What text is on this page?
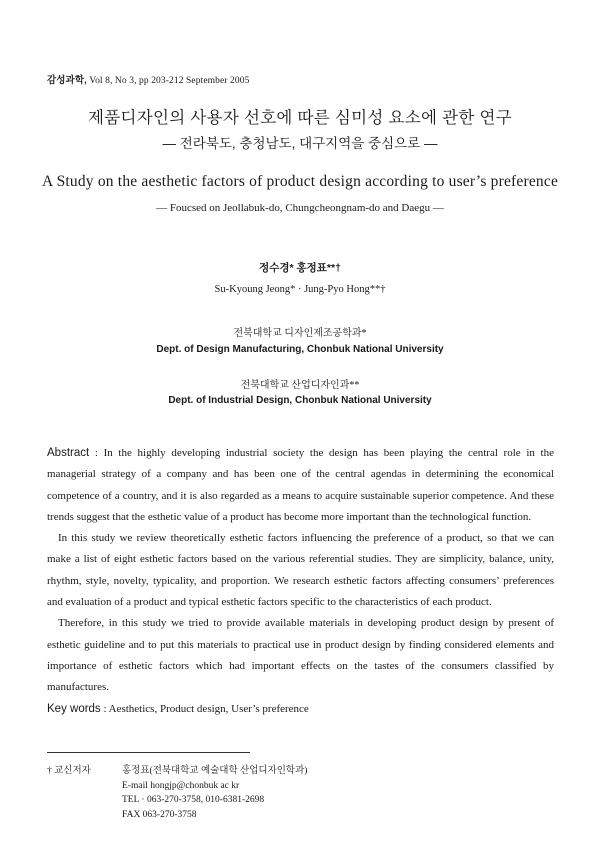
감성과학, Vol 8, No 3, pp 203-212 September 2005
제품디자인의 사용자 선호에 따른 심미성 요소에 관한 연구
— 전라북도, 충청남도, 대구지역을 중심으로 —
A Study on the aesthetic factors of product design according to user’s preference
— Foucsed on Jeollabuk-do, Chungcheongnam-do and Daegu —
정수경* 홍정표**†
Su-Kyoung Jeong* · Jung-Pyo Hong**†
전북대학교 디자인제조공학과*
Dept. of Design Manufacturing, Chonbuk National University
전북대학교 산업디자인과**
Dept. of Industrial Design, Chonbuk National University

Abstract : In the highly developing industrial society the design has been playing the central role in the managerial strategy of a company and has been one of the central agendas in determining the economical competence of a country, and it is also regarded as a means to acquire sustainable superior competence. And these trends suggest that the esthetic value of a product has become more important than the technological function.

In this study we review theoretically esthetic factors influencing the preference of a product, so that we can make a list of eight esthetic factors based on the various referential studies. They are simplicity, balance, unity, rhythm, style, novelty, typicality, and proportion. We research esthetic factors affecting consumers’ preferences and evaluation of a product and typical esthetic factors specific to the characteristics of each product.

Therefore, in this study we tried to provide available materials in developing product design by present of esthetic guideline and to put this materials to practical use in product design by finding considered elements and importance of esthetic factors which had important effects on the tastes of the consumers classified by manufactures.

Key words : Aesthetics, Product design, User’s preference

† 교신저자	홍정표(전북대학교 예술대학 산업디자인학과)
E-mail hongjp@chonbuk ac kr
TEL · 063-270-3758, 010-6381-2698
FAX 063-270-3758
